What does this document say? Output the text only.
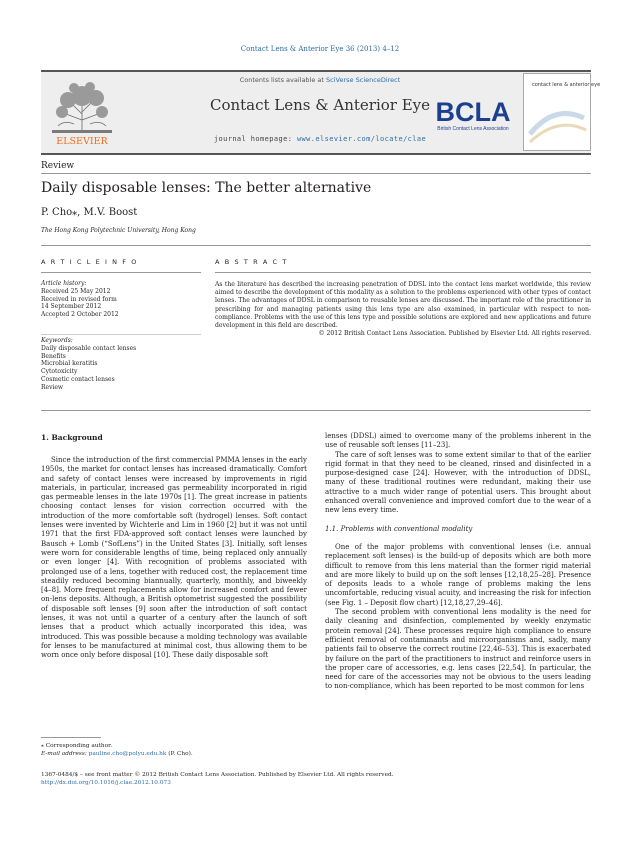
Contact Lens & Anterior Eye 36 (2013) 4–12
ELSEVIER
Contents lists available at SciVerse ScienceDirect
Contact Lens & Anterior Eye
journal homepage: www.elsevier.com/locate/clae
BCLA
British Contact Lens Association
contact lens & anterior eye
Review
Daily disposable lenses: The better alternative
P. Cho⁎, M.V. Boost
The Hong Kong Polytechnic University, Hong Kong
A R T I C L E I N F O	A B S T R A C T
Article history:
Received 25 May 2012
Received in revised form
14 September 2012
Accepted 2 October 2012
Keywords:
Daily disposable contact lenses
Benefits
Microbial keratitis
Cytotoxicity
Cosmetic contact lenses
Review
As the literature has described the increasing penetration of DDSL into the contact lens market worldwide, this review aimed to describe the development of this modality as a solution to the problems experienced with other types of contact lenses. The advantages of DDSL in comparison to reusable lenses are discussed. The important role of the practitioner in prescribing for and managing patients using this lens type are also examined, in particular with respect to non-compliance. Problems with the use of this lens type and possible solutions are explored and new applications and future development in this field are described.
© 2012 British Contact Lens Association. Published by Elsevier Ltd. All rights reserved.
1. Background

Since the introduction of the first commercial PMMA lenses in the early 1950s, the market for contact lenses has increased dramatically. Comfort and safety of contact lenses were increased by improvements in rigid materials, in particular, increased gas permeability incorporated in rigid gas permeable lenses in the late 1970s [1]. The great increase in patients choosing contact lenses for vision correction occurred with the introduction of the more comfortable soft (hydrogel) lenses. Soft contact lenses were invented by Wichterle and Lim in 1960 [2] but it was not until 1971 that the first FDA-approved soft contact lenses were launched by Bausch + Lomb (“SofLens”) in the United States [3]. Initially, soft lenses were worn for considerable lengths of time, being replaced only annually or even longer [4]. With recognition of problems associated with prolonged use of a lens, together with reduced cost, the replacement time steadily reduced becoming biannually, quarterly, monthly, and biweekly [4–8]. More frequent replacements allow for increased comfort and fewer on-lens deposits. Although, a British optometrist suggested the possibility of disposable soft lenses [9] soon after the introduction of soft contact lenses, it was not until a quarter of a century after the launch of soft lenses that a product which actually incorporated this idea, was introduced. This was possible because a molding technology was available for lenses to be manufactured at minimal cost, thus allowing them to be worn once only before disposal [10]. These daily disposable soft

lenses (DDSL) aimed to overcome many of the problems inherent in the use of reusable soft lenses [11–23].

The care of soft lenses was to some extent similar to that of the earlier rigid format in that they need to be cleaned, rinsed and disinfected in a purpose-designed case [24]. However, with the introduction of DDSL, many of these traditional routines were redundant, making their use attractive to a much wider range of potential users. This brought about enhanced overall convenience and improved comfort due to the wear of a new lens every time.

1.1. Problems with conventional modality

One of the major problems with conventional lenses (i.e. annual replacement soft lenses) is the build-up of deposits which are both more difficult to remove from this lens material than the former rigid material and are more likely to build up on the soft lenses [12,18,25–28]. Presence of deposits leads to a whole range of problems making the lens uncomfortable, reducing visual acuity, and increasing the risk for infection (see Fig. 1 – Deposit flow chart) [12,18,27,29–46].

The second problem with conventional lens modality is the need for daily cleaning and disinfection, complemented by weekly enzymatic protein removal [24]. These processes require high compliance to ensure efficient removal of contaminants and microorganisms and, sadly, many patients fail to observe the correct routine [22,46–53]. This is exacerbated by failure on the part of the practitioners to instruct and reinforce users in the proper care of accessories, e.g. lens cases [22,54]. In particular, the need for care of the accessories may not be obvious to the users leading to non-compliance, which has been reported to be most common for lens

⁎ Corresponding author.
E-mail address: pauline.cho@polyu.edu.hk (P. Cho).
1367-0484/$ – see front matter © 2012 British Contact Lens Association. Published by Elsevier Ltd. All rights reserved.
http://dx.doi.org/10.1016/j.clae.2012.10.073
